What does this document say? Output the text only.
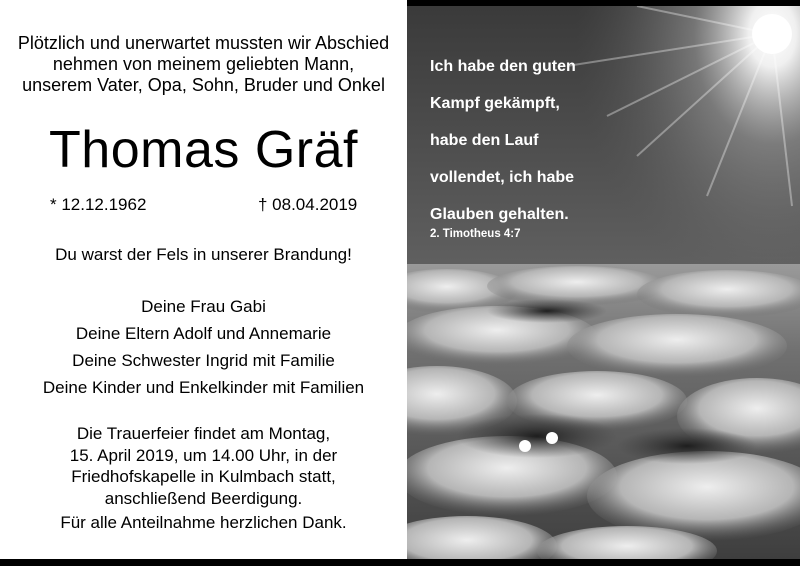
Plötzlich und unerwartet mussten wir Abschied
nehmen von meinem geliebten Mann,
unserem Vater, Opa, Sohn, Bruder und Onkel
Thomas Gräf
* 12.12.1962	† 08.04.2019
Du warst der Fels in unserer Brandung!
Deine Frau Gabi
Deine Eltern Adolf und Annemarie
Deine Schwester Ingrid mit Familie
Deine Kinder und Enkelkinder mit Familien
Die Trauerfeier findet am Montag,
15. April 2019, um 14.00 Uhr, in der
Friedhofskapelle in Kulmbach statt,
anschließend Beerdigung.
Für alle Anteilnahme herzlichen Dank.
Ich habe den guten
Kampf gekämpft,
habe den Lauf
vollendet, ich habe
Glauben gehalten.
2. Timotheus 4:7
